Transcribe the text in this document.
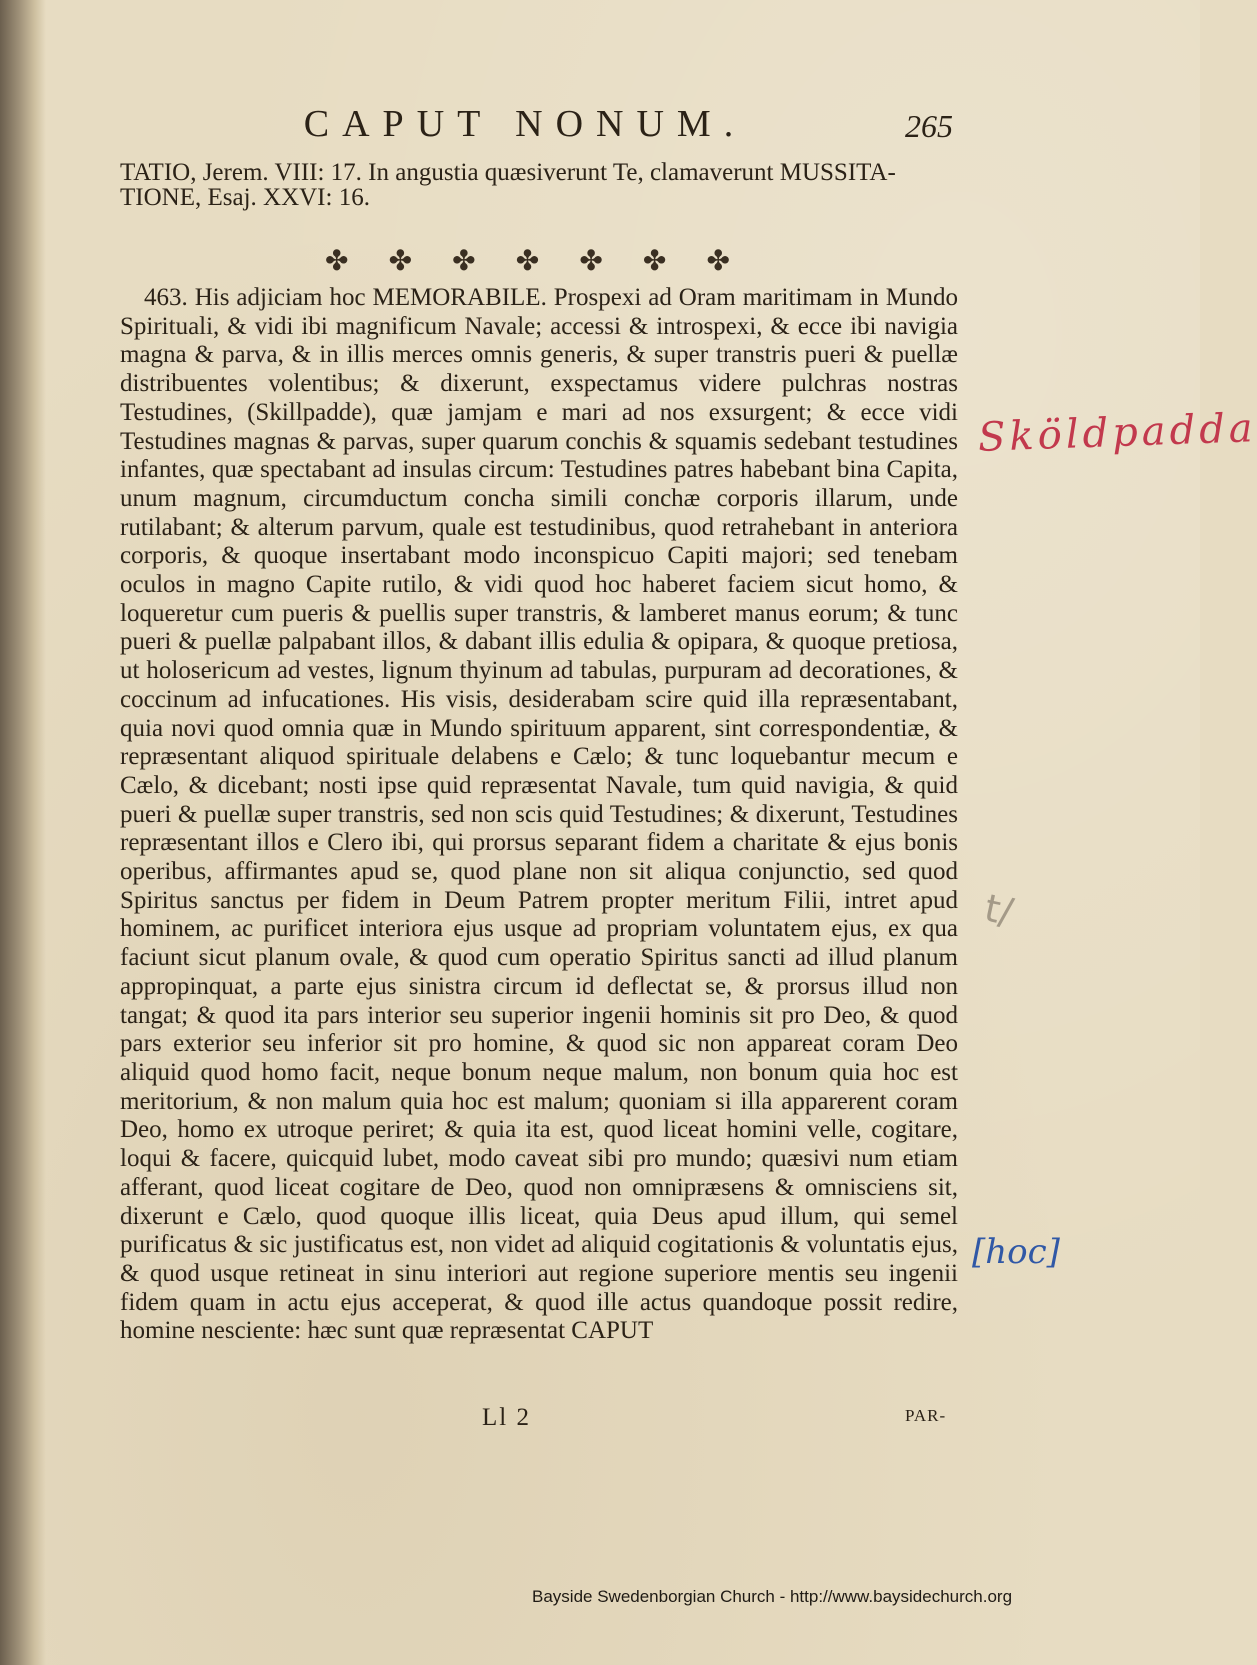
CAPUT NONUM.	265

TATIO, Jerem. VIII: 17. In angustia quæsiverunt Te, clamaverunt MUSSITA-

TIONE, Esaj. XXVI: 16.

✤ ✤ ✤ ✤ ✤ ✤ ✤

463. His adjiciam hoc MEMORABILE. Prospexi ad Oram maritimam in Mundo Spirituali, & vidi ibi magnificum Navale; accessi & introspexi, & ecce ibi navigia magna & parva, & in illis merces omnis generis, & super transtris pueri & puellæ distribuentes volentibus; & dixerunt, exspectamus videre pulchras nostras Testudines, (Skillpadde), quæ jamjam e mari ad nos exsurgent; & ecce vidi Testudines magnas & parvas, super quarum conchis & squamis sedebant testudines infantes, quæ spectabant ad insulas circum: Testudines patres habebant bina Capita, unum magnum, circumductum concha simili conchæ corporis illarum, unde rutilabant; & alterum parvum, quale est testudinibus, quod retrahebant in anteriora corporis, & quoque insertabant modo inconspicuo Capiti majori; sed tenebam oculos in magno Capite rutilo, & vidi quod hoc haberet faciem sicut homo, & loqueretur cum pueris & puellis super transtris, & lamberet manus eorum; & tunc pueri & puellæ palpabant illos, & dabant illis edulia & opipara, & quoque pretiosa, ut holosericum ad vestes, lignum thyinum ad tabulas, purpuram ad decorationes, & coccinum ad infucationes. His visis, desiderabam scire quid illa repræsentabant, quia novi quod omnia quæ in Mundo spirituum apparent, sint correspondentiæ, & repræsentant aliquod spirituale delabens e Cælo; & tunc loquebantur mecum e Cælo, & dicebant; nosti ipse quid repræsentat Navale, tum quid navigia, & quid pueri & puellæ super transtris, sed non scis quid Testudines; & dixerunt, Testudines repræsentant illos e Clero ibi, qui prorsus separant fidem a charitate & ejus bonis operibus, affirmantes apud se, quod plane non sit aliqua conjunctio, sed quod Spiritus sanctus per fidem in Deum Patrem propter meritum Filii, intret apud hominem, ac purificet interiora ejus usque ad propriam voluntatem ejus, ex qua faciunt sicut planum ovale, & quod cum operatio Spiritus sancti ad illud planum appropinquat, a parte ejus sinistra circum id deflectat se, & prorsus illud non tangat; & quod ita pars interior seu superior ingenii hominis sit pro Deo, & quod pars exterior seu inferior sit pro homine, & quod sic non appareat coram Deo aliquid quod homo facit, neque bonum neque malum, non bonum quia hoc est meritorium, & non malum quia hoc est malum; quoniam si illa apparerent coram Deo, homo ex utroque periret; & quia ita est, quod liceat homini velle, cogitare, loqui & facere, quicquid lubet, modo caveat sibi pro mundo; quæsivi num etiam afferant, quod liceat cogitare de Deo, quod non omnipræsens & omnisciens sit, dixerunt e Cælo, quod quoque illis liceat, quia Deus apud illum, qui semel purificatus & sic justificatus est, non videt ad aliquid cogitationis & voluntatis ejus, & quod usque retineat in sinu interiori aut regione superiore mentis seu ingenii fidem quam in actu ejus acceperat, & quod ille actus quandoque possit redire, homine nesciente: hæc sunt quæ repræsentat CAPUT

Ll 2	PAR-
Sköldpadda
t/
[hoc]
Bayside Swedenborgian Church - http://www.baysidechurch.org
